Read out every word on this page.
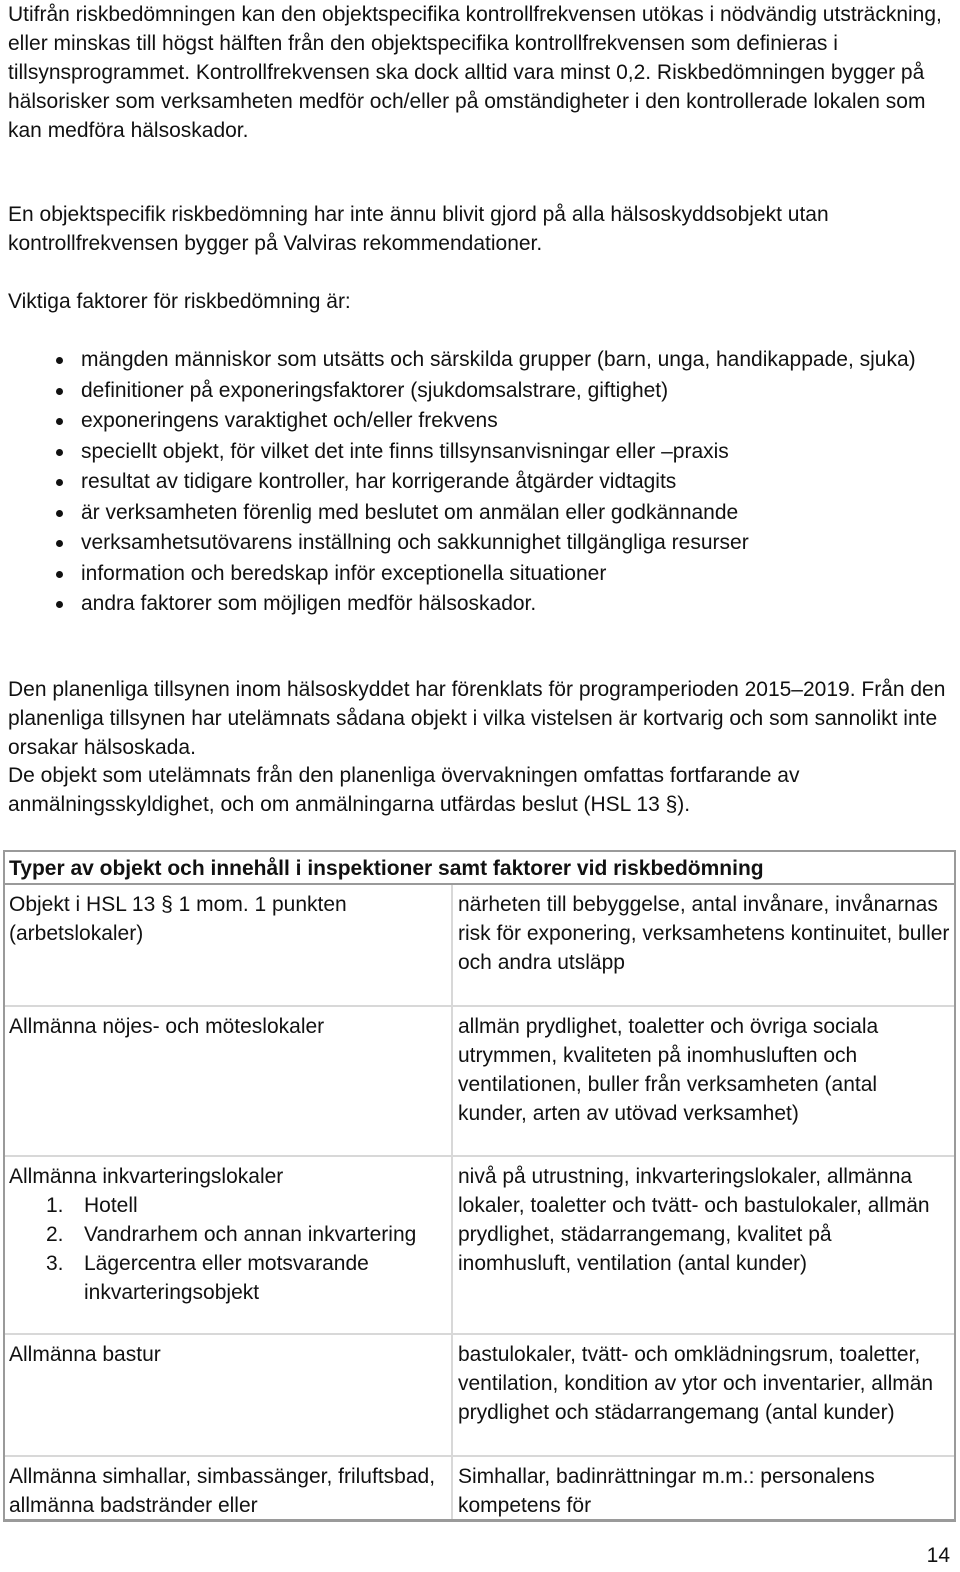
Utifrån riskbedömningen kan den objektspecifika kontrollfrekvensen utökas i nödvändig utsträckning, eller minskas till högst hälften från den objektspecifika kontrollfrekvensen som definieras i tillsynsprogrammet. Kontrollfrekvensen ska dock alltid vara minst 0,2. Riskbedömningen bygger på hälsorisker som verksamheten medför och/eller på omständigheter i den kontrollerade lokalen som kan medföra hälsoskador.

En objektspecifik riskbedömning har inte ännu blivit gjord på alla hälsoskyddsobjekt utan kontrollfrekvensen bygger på Valviras rekommendationer.

Viktiga faktorer för riskbedömning är:

mängden människor som utsätts och särskilda grupper (barn, unga, handikappade, sjuka)
definitioner på exponeringsfaktorer (sjukdomsalstrare, giftighet)
exponeringens varaktighet och/eller frekvens
speciellt objekt, för vilket det inte finns tillsynsanvisningar eller –praxis
resultat av tidigare kontroller, har korrigerande åtgärder vidtagits
är verksamheten förenlig med beslutet om anmälan eller godkännande
verksamhetsutövarens inställning och sakkunnighet tillgängliga resurser
information och beredskap inför exceptionella situationer
andra faktorer som möjligen medför hälsoskador.

Den planenliga tillsynen inom hälsoskyddet har förenklats för programperioden 2015–2019. Från den planenliga tillsynen har utelämnats sådana objekt i vilka vistelsen är kortvarig och som sannolikt inte orsakar hälsoskada.

De objekt som utelämnats från den planenliga övervakningen omfattas fortfarande av anmälningsskyldighet, och om anmälningarna utfärdas beslut (HSL 13 §).

Typer av objekt och innehåll i inspektioner samt faktorer vid riskbedömning
Objekt i HSL 13 § 1 mom. 1 punkten (arbetslokaler)
närheten till bebyggelse, antal invånare, invånarnas risk för exponering, verksamhetens kontinuitet, buller och andra utsläpp
Allmänna nöjes- och möteslokaler	allmän prydlighet, toaletter och övriga sociala utrymmen, kvaliteten på inomhusluften och ventilationen, buller från verksamheten (antal kunder, arten av utövad verksamhet)
Allmänna inkvarteringslokaler
1. Hotell
2. Vandrarhem och annan inkvartering
3. Lägercentra eller motsvarande inkvarteringsobjekt
nivå på utrustning, inkvarteringslokaler, allmänna lokaler, toaletter och tvätt- och bastulokaler, allmän prydlighet, städarrangemang, kvalitet på inomhusluft, ventilation (antal kunder)
Allmänna bastur	bastulokaler, tvätt- och omklädningsrum, toaletter, ventilation, kondition av ytor och inventarier, allmän prydlighet och städarrangemang (antal kunder)
Allmänna simhallar, simbassänger, friluftsbad, allmänna badstränder eller
Simhallar, badinrättningar m.m.: personalens kompetens för
14
